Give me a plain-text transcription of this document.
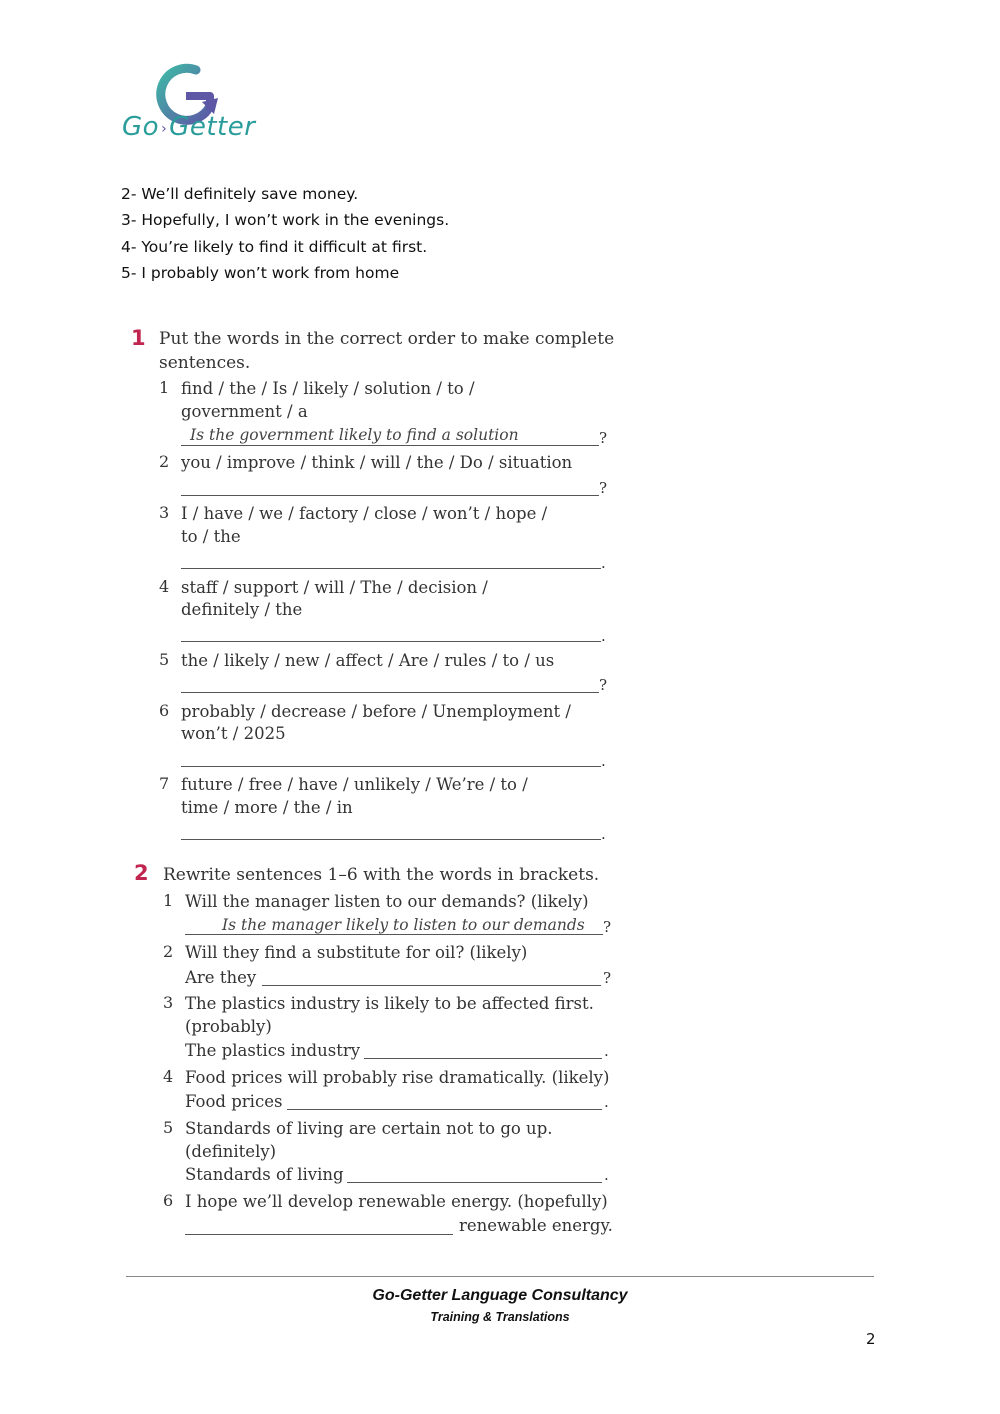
Go ›Getter
2- We’ll definitely save money.
3- Hopefully, I won’t work in the evenings.
4- You’re likely to find it difficult at first.
5- I probably won’t work from home
1 Put the words in the correct order to make complete
sentences.
1 find / the / Is / likely / solution / to /
government / a
Is the government likely to find a solution	?
2 you / improve / think / will / the / Do / situation
?
3 I / have / we / factory / close / won’t / hope /
to / the
.
4 staff / support / will / The / decision /
definitely / the
.
5 the / likely / new / affect / Are / rules / to / us
?
6 probably / decrease / before / Unemployment /
won’t / 2025
.
7 future / free / have / unlikely / We’re / to /
time / more / the / in
.
2 Rewrite sentences 1–6 with the words in brackets.
1 Will the manager listen to our demands? (likely)
Is the manager likely to listen to our demands ?
2 Will they find a substitute for oil? (likely)
Are they	?
3 The plastics industry is likely to be affected first.
(probably)
The plastics industry	.
4 Food prices will probably rise dramatically. (likely)
Food prices	.
5 Standards of living are certain not to go up.
(definitely)
Standards of living	.
6 I hope we’ll develop renewable energy. (hopefully)
renewable energy.
Go-Getter Language Consultancy
Training & Translations
2
